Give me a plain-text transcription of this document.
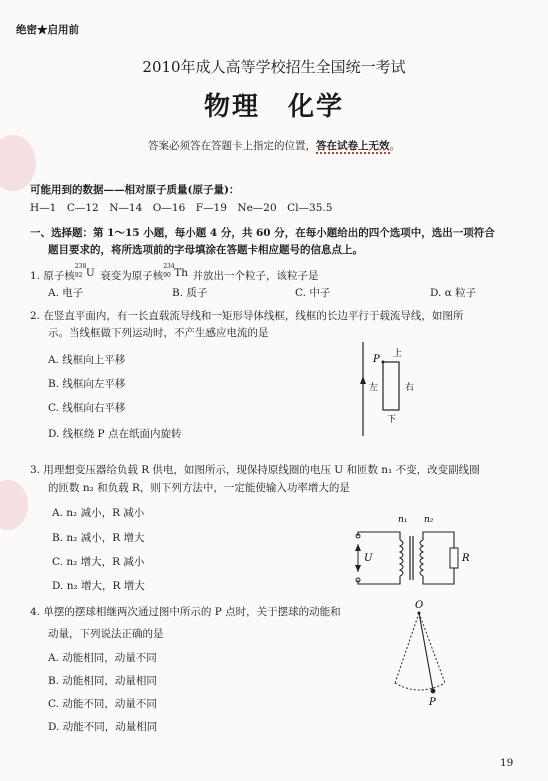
绝密★启用前
2010年成人高等学校招生全国统一考试
物理　化学
答案必须答在答题卡上指定的位置，答在试卷上无效。
可能用到的数据——相对原子质量(原子量)：
H—1　C—12　N—14　O—16　F—19　Ne—20　Cl—35.5
一、选择题：第 1～15 小题，每小题 4 分，共 60 分，在每小题给出的四个选项中，选出一项符合
题目要求的，将所选项前的字母填涂在答题卡相应题号的信息点上。
1. 原子核
238
92 U 衰变为原子核
234
90 Th 并放出一个粒子，该粒子是
A. 电子	B. 质子	C. 中子	D. α 粒子
2. 在竖直平面内，有一长直载流导线和一矩形导体线框，线框的长边平行于载流导线，如图所
示。当线框做下列运动时，不产生感应电流的是
A. 线框向上平移
B. 线框向左平移
C. 线框向右平移
D. 线框绕 P 点在纸面内旋转
P 上
左	右
下
3. 用理想变压器给负载 R 供电，如图所示，现保持原线圈的电压 U 和匝数 n₁ 不变，改变副线圈
的匝数 n₂ 和负载 R，则下列方法中，一定能使输入功率增大的是
A. n₂ 减小，R 减小
B. n₂ 减小，R 增大
C. n₂ 增大，R 减小
D. n₂ 增大，R 增大
n₁ n₂
U	R
4. 单摆的摆球相继两次通过图中所示的 P 点时，关于摆球的动能和
动量，下列说法正确的是
A. 动能相同，动量不同
B. 动能相同，动量相同
C. 动能不同，动量不同
D. 动能不同，动量相同
O
P
19
